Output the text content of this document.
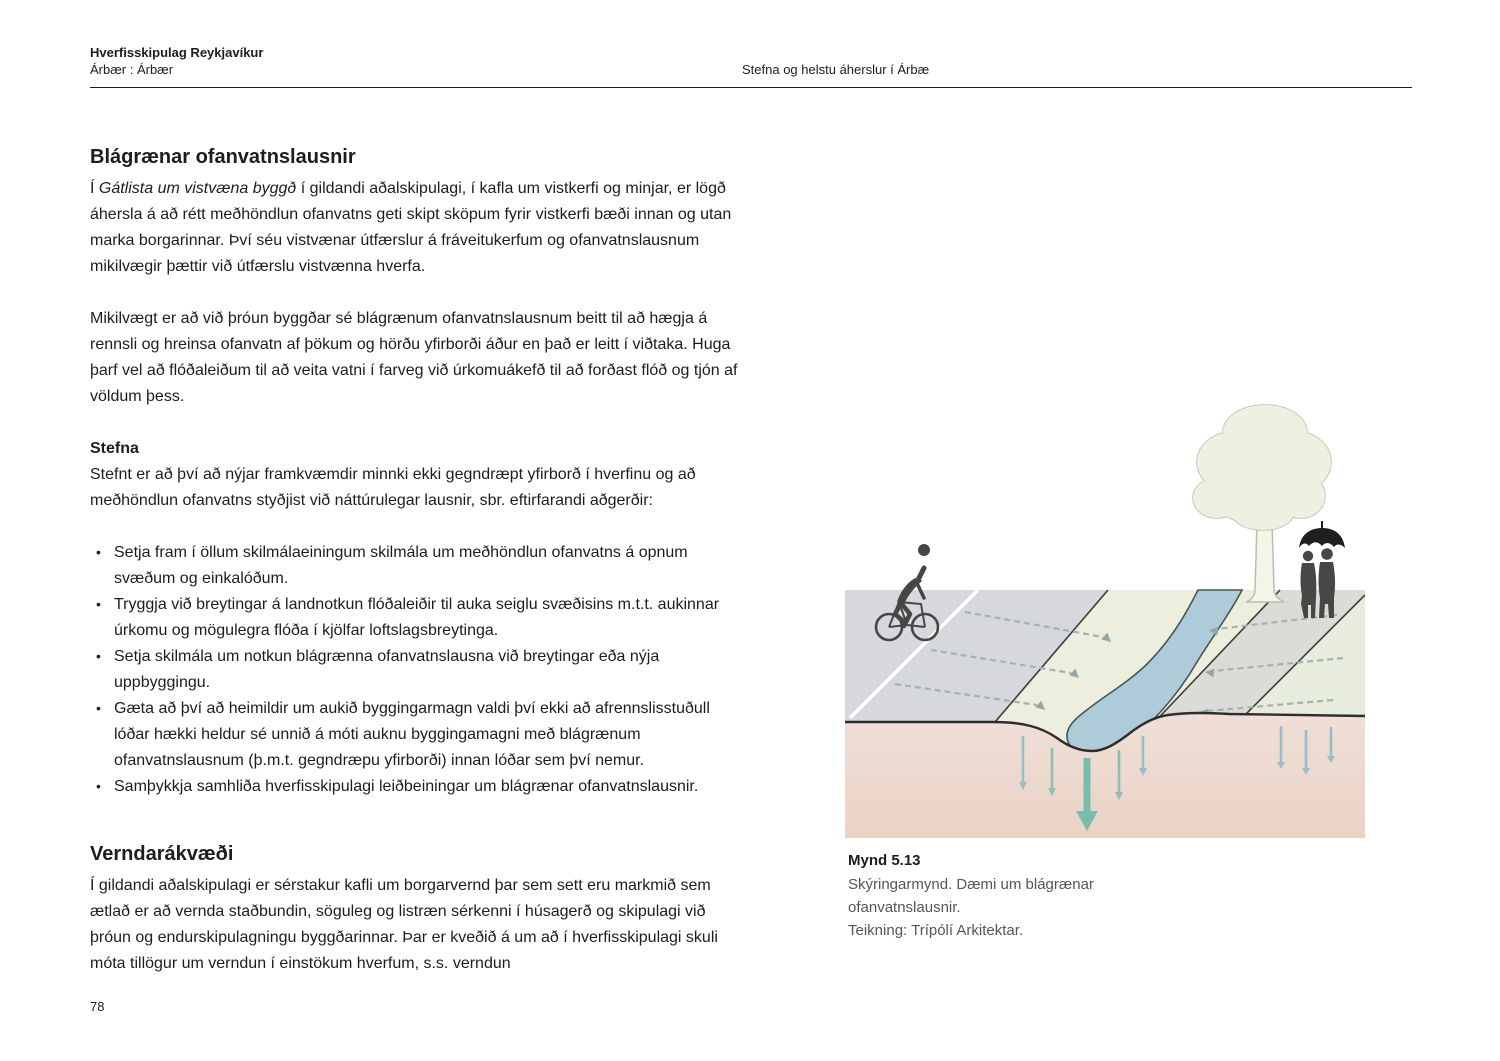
Hverfisskipulag Reykjavíkur
Árbær : Árbær	Stefna og helstu áherslur í Árbæ
Blágrænar ofanvatnslausnir

Í Gátlista um vistvæna byggð í gildandi aðalskipulagi, í kafla um vistkerfi og minjar, er lögð áhersla á að rétt meðhöndlun ofanvatns geti skipt sköpum fyrir vistkerfi bæði innan og utan marka borgarinnar. Því séu vistvænar útfærslur á fráveitukerfum og ofanvatnslausnum mikilvægir þættir við útfærslu vistvænna hverfa.

Mikilvægt er að við þróun byggðar sé blágrænum ofanvatnslausnum beitt til að hægja á rennsli og hreinsa ofanvatn af þökum og hörðu yfirborði áður en það er leitt í viðtaka. Huga þarf vel að flóðaleiðum til að veita vatni í farveg við úrkomuákefð til að forðast flóð og tjón af völdum þess.

Stefna

Stefnt er að því að nýjar framkvæmdir minnki ekki gegndræpt yfirborð í hverfinu og að meðhöndlun ofanvatns styðjist við náttúrulegar lausnir, sbr. eftirfarandi aðgerðir:

• Setja fram í öllum skilmálaeiningum skilmála um meðhöndlun ofanvatns á opnum svæðum og einkalóðum.
• Tryggja við breytingar á landnotkun flóðaleiðir til auka seiglu svæðisins m.t.t. aukinnar úrkomu og mögulegra flóða í kjölfar loftslagsbreytinga.
• Setja skilmála um notkun blágrænna ofanvatnslausna við breytingar eða nýja uppbyggingu.
• Gæta að því að heimildir um aukið byggingarmagn valdi því ekki að afrennslisstuðull lóðar hækki heldur sé unnið á móti auknu byggingamagni með blágrænum ofanvatnslausnum (þ.m.t. gegndræpu yfirborði) innan lóðar sem því nemur.
• Samþykkja samhliða hverfisskipulagi leiðbeiningar um blágrænar ofanvatnslausnir.
Verndarákvæði

Í gildandi aðalskipulagi er sérstakur kafli um borgarvernd þar sem sett eru markmið sem ætlað er að vernda staðbundin, söguleg og listræn sérkenni í húsagerð og skipulagi við þróun og endurskipulagningu byggðarinnar. Þar er kveðið á um að í hverfisskipulagi skuli móta tillögur um verndun í einstökum hverfum, s.s. verndun

Mynd 5.13
Skýringarmynd. Dæmi um blágrænar ofanvatnslausnir.
Teikning: Trípólí Arkitektar.
78
